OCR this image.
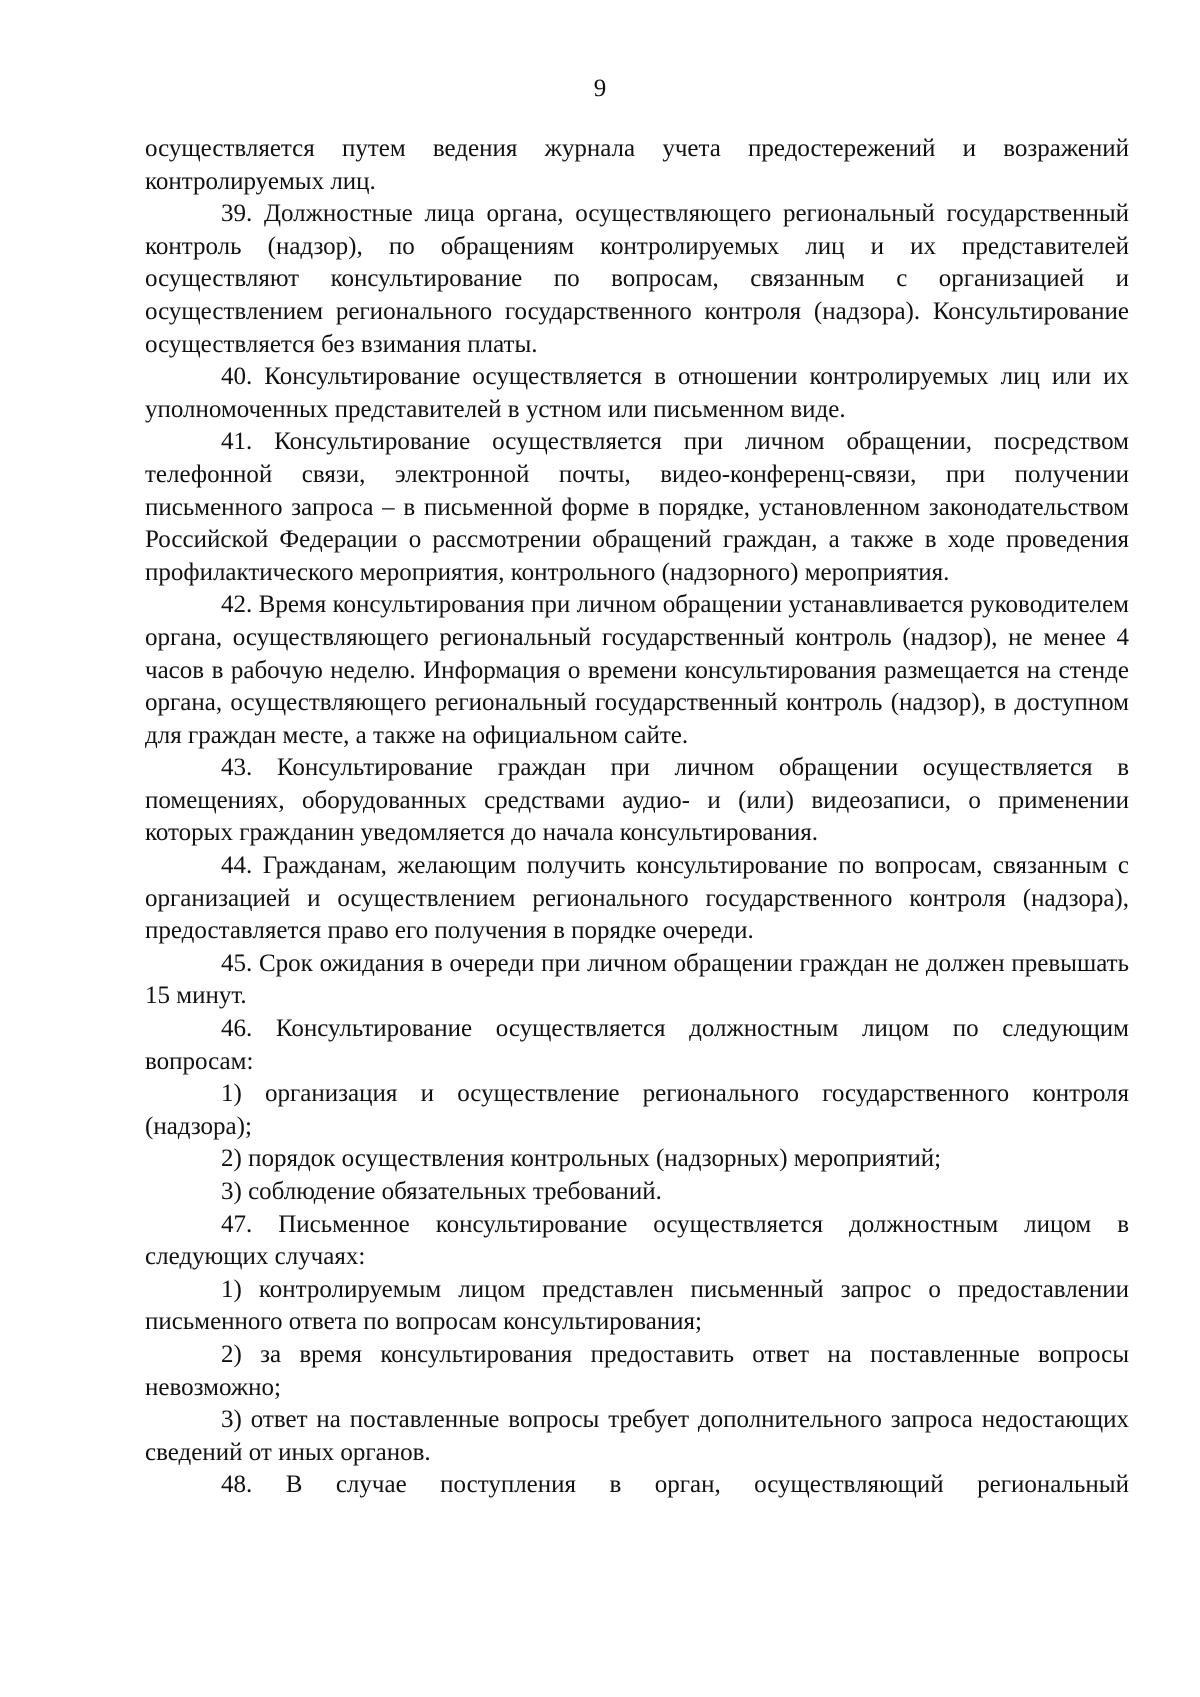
9

осуществляется путем ведения журнала учета предостережений и возражений контролируемых лиц.

39. Должностные лица органа, осуществляющего региональный государственный контроль (надзор), по обращениям контролируемых лиц и их представителей осуществляют консультирование по вопросам, связанным с организацией и осуществлением регионального государственного контроля (надзора). Консультирование осуществляется без взимания платы.

40. Консультирование осуществляется в отношении контролируемых лиц или их уполномоченных представителей в устном или письменном виде.

41. Консультирование осуществляется при личном обращении, посредством телефонной связи, электронной почты, видео-конференц-связи, при получении письменного запроса – в письменной форме в порядке, установленном законодательством Российской Федерации о рассмотрении обращений граждан, а также в ходе проведения профилактического мероприятия, контрольного (надзорного) мероприятия.

42. Время консультирования при личном обращении устанавливается руководителем органа, осуществляющего региональный государственный контроль (надзор), не менее 4 часов в рабочую неделю. Информация о времени консультирования размещается на стенде органа, осуществляющего региональный государственный контроль (надзор), в доступном для граждан месте, а также на официальном сайте.

43. Консультирование граждан при личном обращении осуществляется в помещениях, оборудованных средствами аудио- и (или) видеозаписи, о применении которых гражданин уведомляется до начала консультирования.

44. Гражданам, желающим получить консультирование по вопросам, связанным с организацией и осуществлением регионального государственного контроля (надзора), предоставляется право его получения в порядке очереди.

45. Срок ожидания в очереди при личном обращении граждан не должен превышать 15 минут.

46. Консультирование осуществляется должностным лицом по следующим вопросам:

1) организация и осуществление регионального государственного контроля (надзора);

2) порядок осуществления контрольных (надзорных) мероприятий;

3) соблюдение обязательных требований.

47. Письменное консультирование осуществляется должностным лицом в следующих случаях:

1) контролируемым лицом представлен письменный запрос о предоставлении письменного ответа по вопросам консультирования;

2) за время консультирования предоставить ответ на поставленные вопросы невозможно;

3) ответ на поставленные вопросы требует дополнительного запроса недостающих сведений от иных органов.

48. В случае поступления в орган, осуществляющий региональный
